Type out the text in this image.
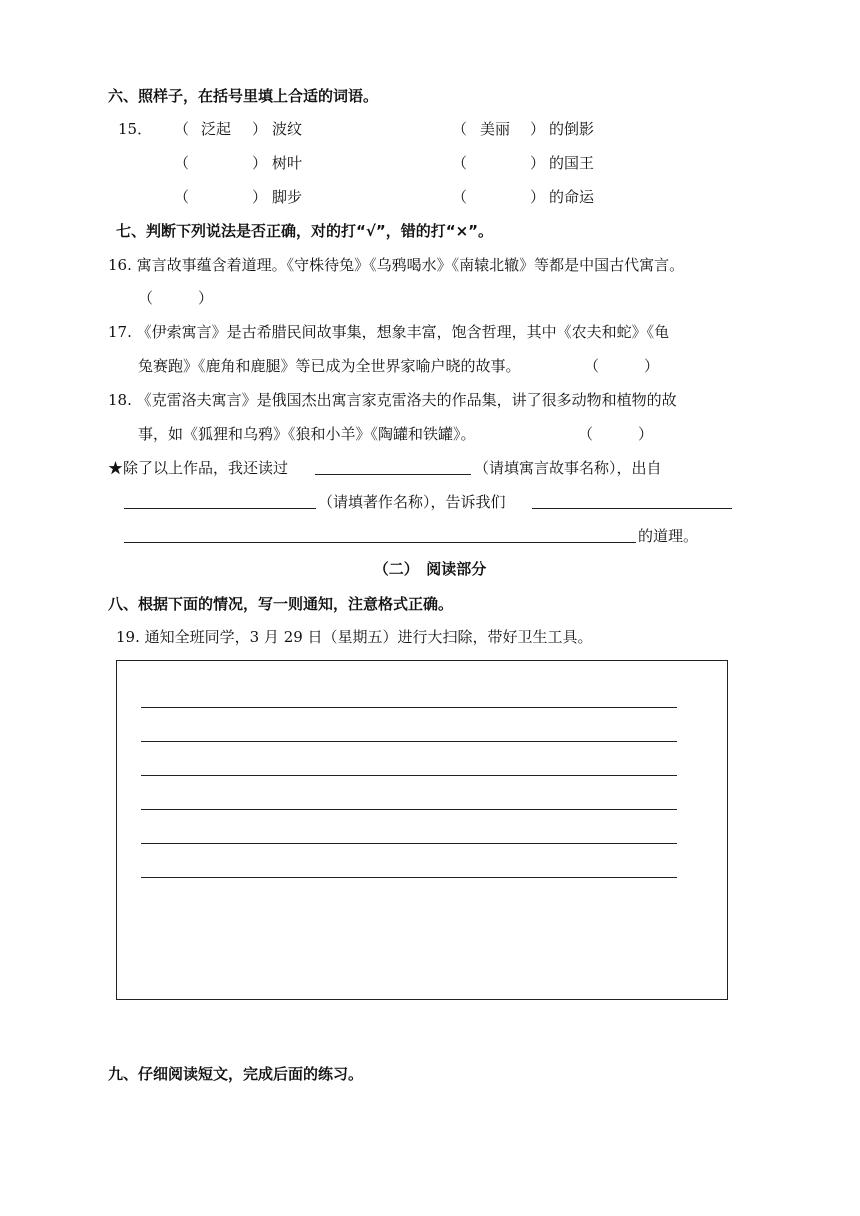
六、照样子，在括号里填上合适的词语。
15． （ 泛起 ） 波纹	（ 美丽 ） 的倒影
（	） 树叶	（	） 的国王
（	） 脚步	（	） 的命运
七、判断下列说法是否正确，对的打“√”，错的打“×”。
16. 寓言故事蕴含着道理。《守株待兔》《乌鸦喝水》《南辕北辙》等都是中国古代寓言。
（　　　）
17. 《伊索寓言》是古希腊民间故事集，想象丰富，饱含哲理，其中《农夫和蛇》《龟
兔赛跑》《鹿角和鹿腿》等已成为全世界家喻户晓的故事。	（　　　）
18. 《克雷洛夫寓言》是俄国杰出寓言家克雷洛夫的作品集，讲了很多动物和植物的故
事，如《狐狸和乌鸦》《狼和小羊》《陶罐和铁罐》。	（　　　）
★除了以上作品，我还读过	（请填寓言故事名称），出自
（请填著作名称），告诉我们
的道理。
（二）　阅读部分
八、根据下面的情况，写一则通知，注意格式正确。
19. 通知全班同学，3 月 29 日（星期五）进行大扫除，带好卫生工具。
九、仔细阅读短文，完成后面的练习。
